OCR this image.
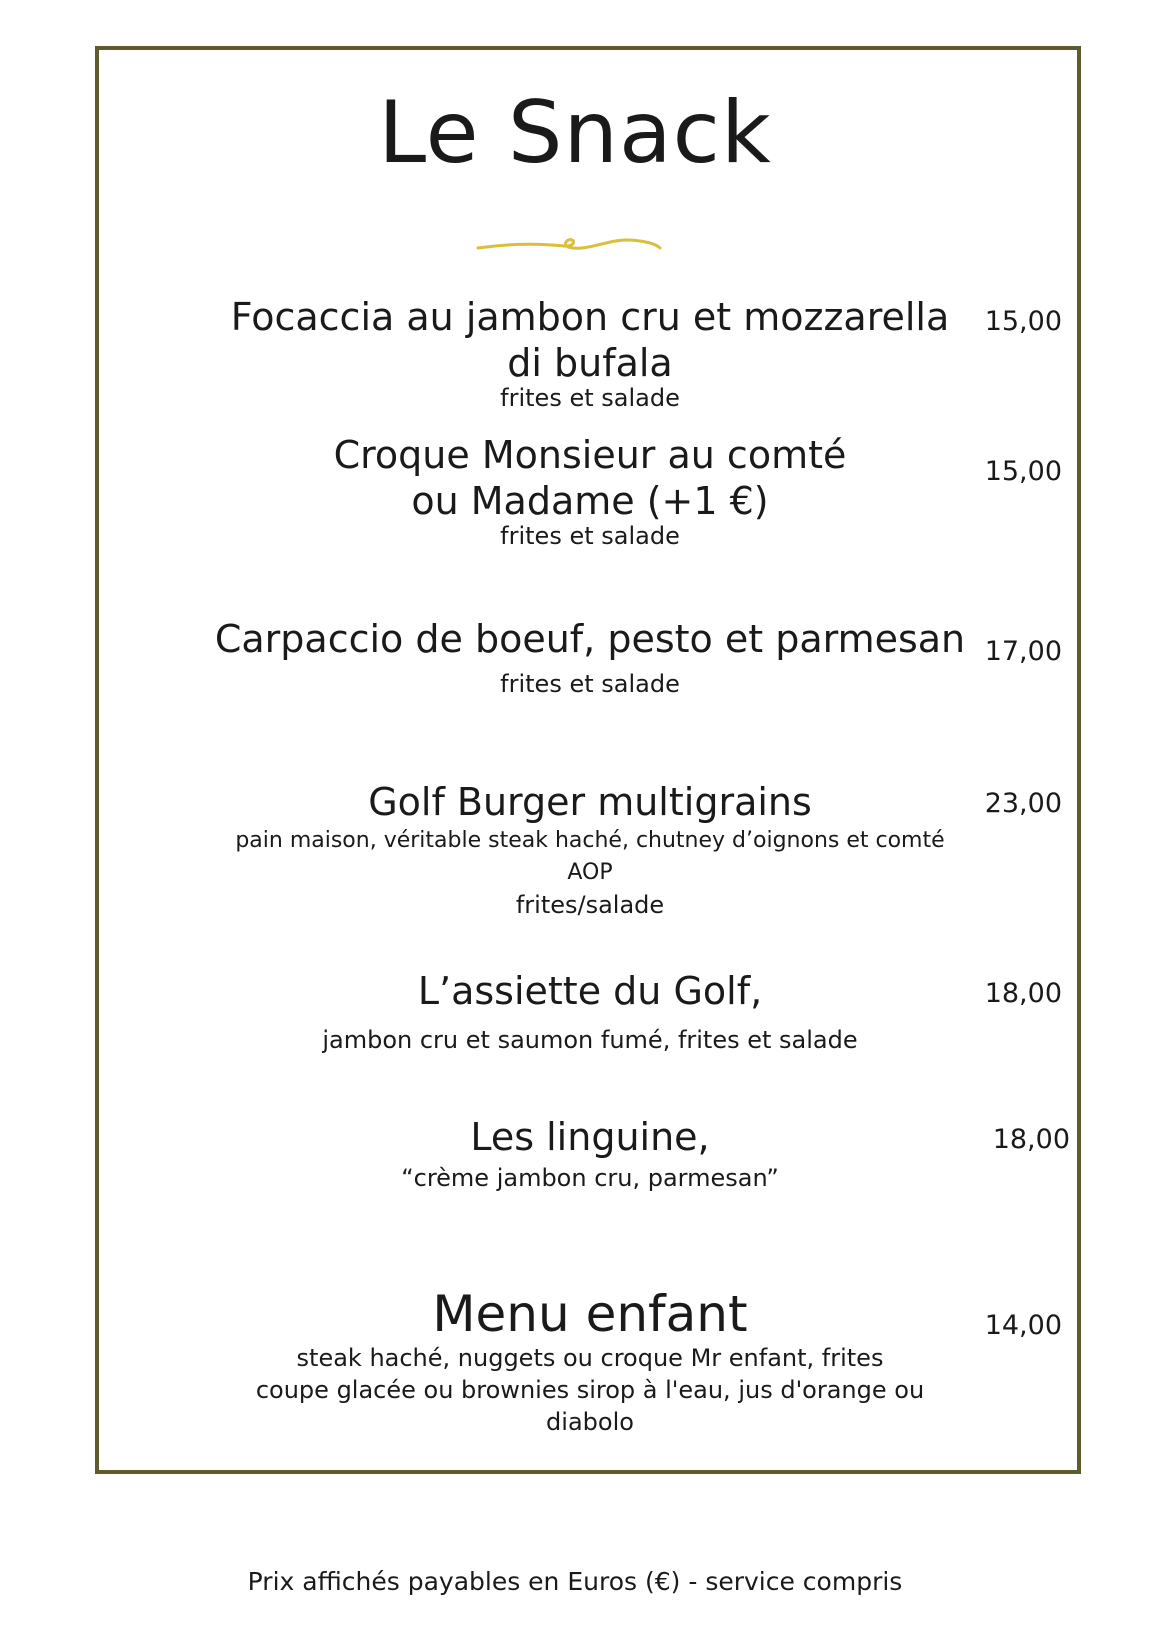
Le Snack
Focaccia au jambon cru et mozzarella di bufala
frites et salade
15,00
Croque Monsieur au comté
ou Madame (+1 €)
frites et salade
15,00
Carpaccio de boeuf, pesto et parmesan
frites et salade
17,00
Golf Burger multigrains
pain maison, véritable steak haché, chutney d’oignons et comté AOP
frites/salade
23,00
L’assiette du Golf,
jambon cru et saumon fumé, frites et salade
18,00
Les linguine,
“crème jambon cru, parmesan”
18,00
Menu enfant
steak haché, nuggets ou croque Mr enfant, frites
coupe glacée ou brownies sirop à l'eau, jus d'orange ou diabolo
14,00
Prix affichés payables en Euros (€) - service compris
